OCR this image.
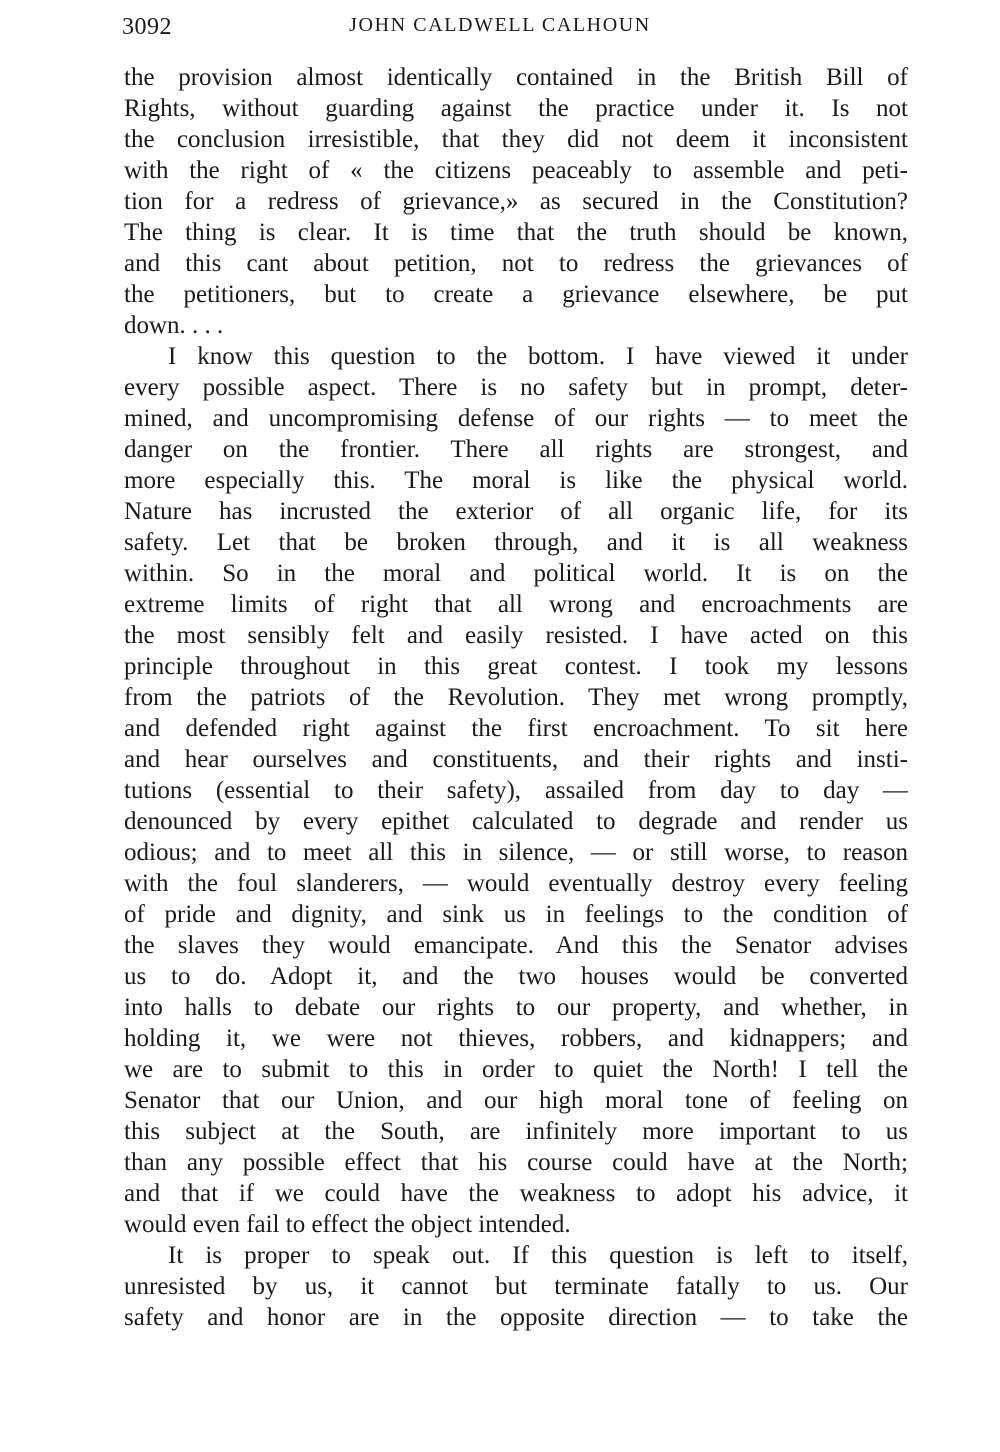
3092	JOHN CALDWELL CALHOUN
the provision almost identically contained in the British Bill of
Rights, without guarding against the practice under it. Is not
the conclusion irresistible, that they did not deem it inconsistent
with the right of « the citizens peaceably to assemble and peti-
tion for a redress of grievance,» as secured in the Constitution?
The thing is clear. It is time that the truth should be known,
and this cant about petition, not to redress the grievances of
the petitioners, but to create a grievance elsewhere, be put
down. . . .
I know this question to the bottom. I have viewed it under
every possible aspect. There is no safety but in prompt, deter-
mined, and uncompromising defense of our rights — to meet the
danger on the frontier. There all rights are strongest, and
more especially this. The moral is like the physical world.
Nature has incrusted the exterior of all organic life, for its
safety. Let that be broken through, and it is all weakness
within. So in the moral and political world. It is on the
extreme limits of right that all wrong and encroachments are
the most sensibly felt and easily resisted. I have acted on this
principle throughout in this great contest. I took my lessons
from the patriots of the Revolution. They met wrong promptly,
and defended right against the first encroachment. To sit here
and hear ourselves and constituents, and their rights and insti-
tutions (essential to their safety), assailed from day to day —
denounced by every epithet calculated to degrade and render us
odious; and to meet all this in silence, — or still worse, to reason
with the foul slanderers, — would eventually destroy every feeling
of pride and dignity, and sink us in feelings to the condition of
the slaves they would emancipate. And this the Senator advises
us to do. Adopt it, and the two houses would be converted
into halls to debate our rights to our property, and whether, in
holding it, we were not thieves, robbers, and kidnappers; and
we are to submit to this in order to quiet the North! I tell the
Senator that our Union, and our high moral tone of feeling on
this subject at the South, are infinitely more important to us
than any possible effect that his course could have at the North;
and that if we could have the weakness to adopt his advice, it
would even fail to effect the object intended.
It is proper to speak out. If this question is left to itself,
unresisted by us, it cannot but terminate fatally to us. Our
safety and honor are in the opposite direction — to take the
